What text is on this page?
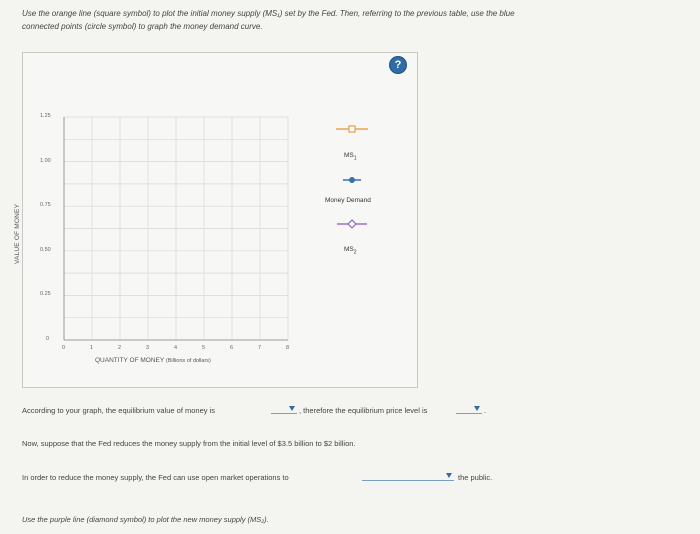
Use the orange line (square symbol) to plot the initial money supply (MS₁) set by the Fed. Then, referring to the previous table, use the blue
connected points (circle symbol) to graph the money demand curve.
?
VALUE OF MONEY
1.25
1.00
0.75
0.50
0.25
0
0	1	2	3	4	5	6	7	8
QUANTITY OF MONEY (Billions of dollars)
$MS_1$
Money Demand
$MS_2$
According to your graph, the equilibrium value of money is	, therefore the equilibrium price level is	.
Now, suppose that the Fed reduces the money supply from the initial level of $3.5 billion to $2 billion.
In order to reduce the money supply, the Fed can use open market operations to	the public.
Use the purple line (diamond symbol) to plot the new money supply (MS₂).
